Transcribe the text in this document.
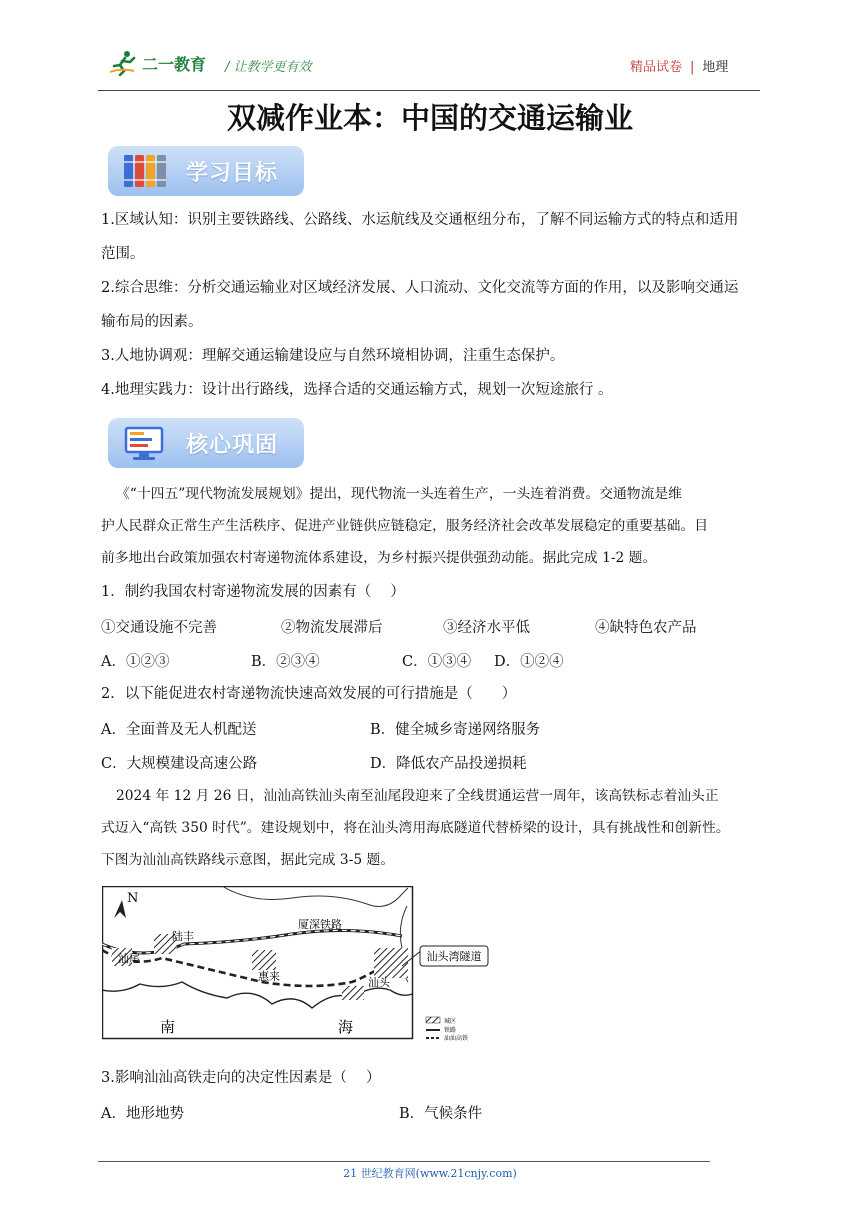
二一教育 / 让教学更有效	精品试卷 | 地理
双减作业本：中国的交通运输业
学习目标
1.区域认知：识别主要铁路线、公路线、水运航线及交通枢纽分布，了解不同运输方式的特点和适用
范围。
2.综合思维：分析交通运输业对区域经济发展、人口流动、文化交流等方面的作用，以及影响交通运
输布局的因素。
3.人地协调观：理解交通运输建设应与自然环境相协调，注重生态保护。
4.地理实践力：设计出行路线，选择合适的交通运输方式，规划一次短途旅行 。
核心巩固
《“十四五”现代物流发展规划》提出，现代物流一头连着生产，一头连着消费。交通物流是维
护人民群众正常生产生活秩序、促进产业链供应链稳定，服务经济社会改革发展稳定的重要基础。目
前多地出台政策加强农村寄递物流体系建设，为乡村振兴提供强劲动能。据此完成 1-2 题。
1．制约我国农村寄递物流发展的因素有（　 ）
①交通设施不完善	②物流发展滞后	③经济水平低	④缺特色农产品
A．①②③	B．②③④	C．①③④ D．①②④
2．以下能促进农村寄递物流快速高效发展的可行措施是（　　）
A．全面普及无人机配送	B．健全城乡寄递网络服务
C．大规模建设高速公路	D．降低农产品投递损耗
2024 年 12 月 26 日，汕汕高铁汕头南至汕尾段迎来了全线贯通运营一周年，该高铁标志着汕头正
式迈入“高铁 350 时代”。建设规划中，将在汕头湾用海底隧道代替桥梁的设计，具有挑战性和创新性。
下图为汕汕高铁路线示意图，据此完成 3-5 题。
N
陆丰
汕尾
惠来	汕头
厦深铁路
汕头湾隧道
南	海	城区
铁路
汕汕高铁
3.影响汕汕高铁走向的决定性因素是（　 ）
A．地形地势	B．气候条件
21 世纪教育网(www.21cnjy.com)
